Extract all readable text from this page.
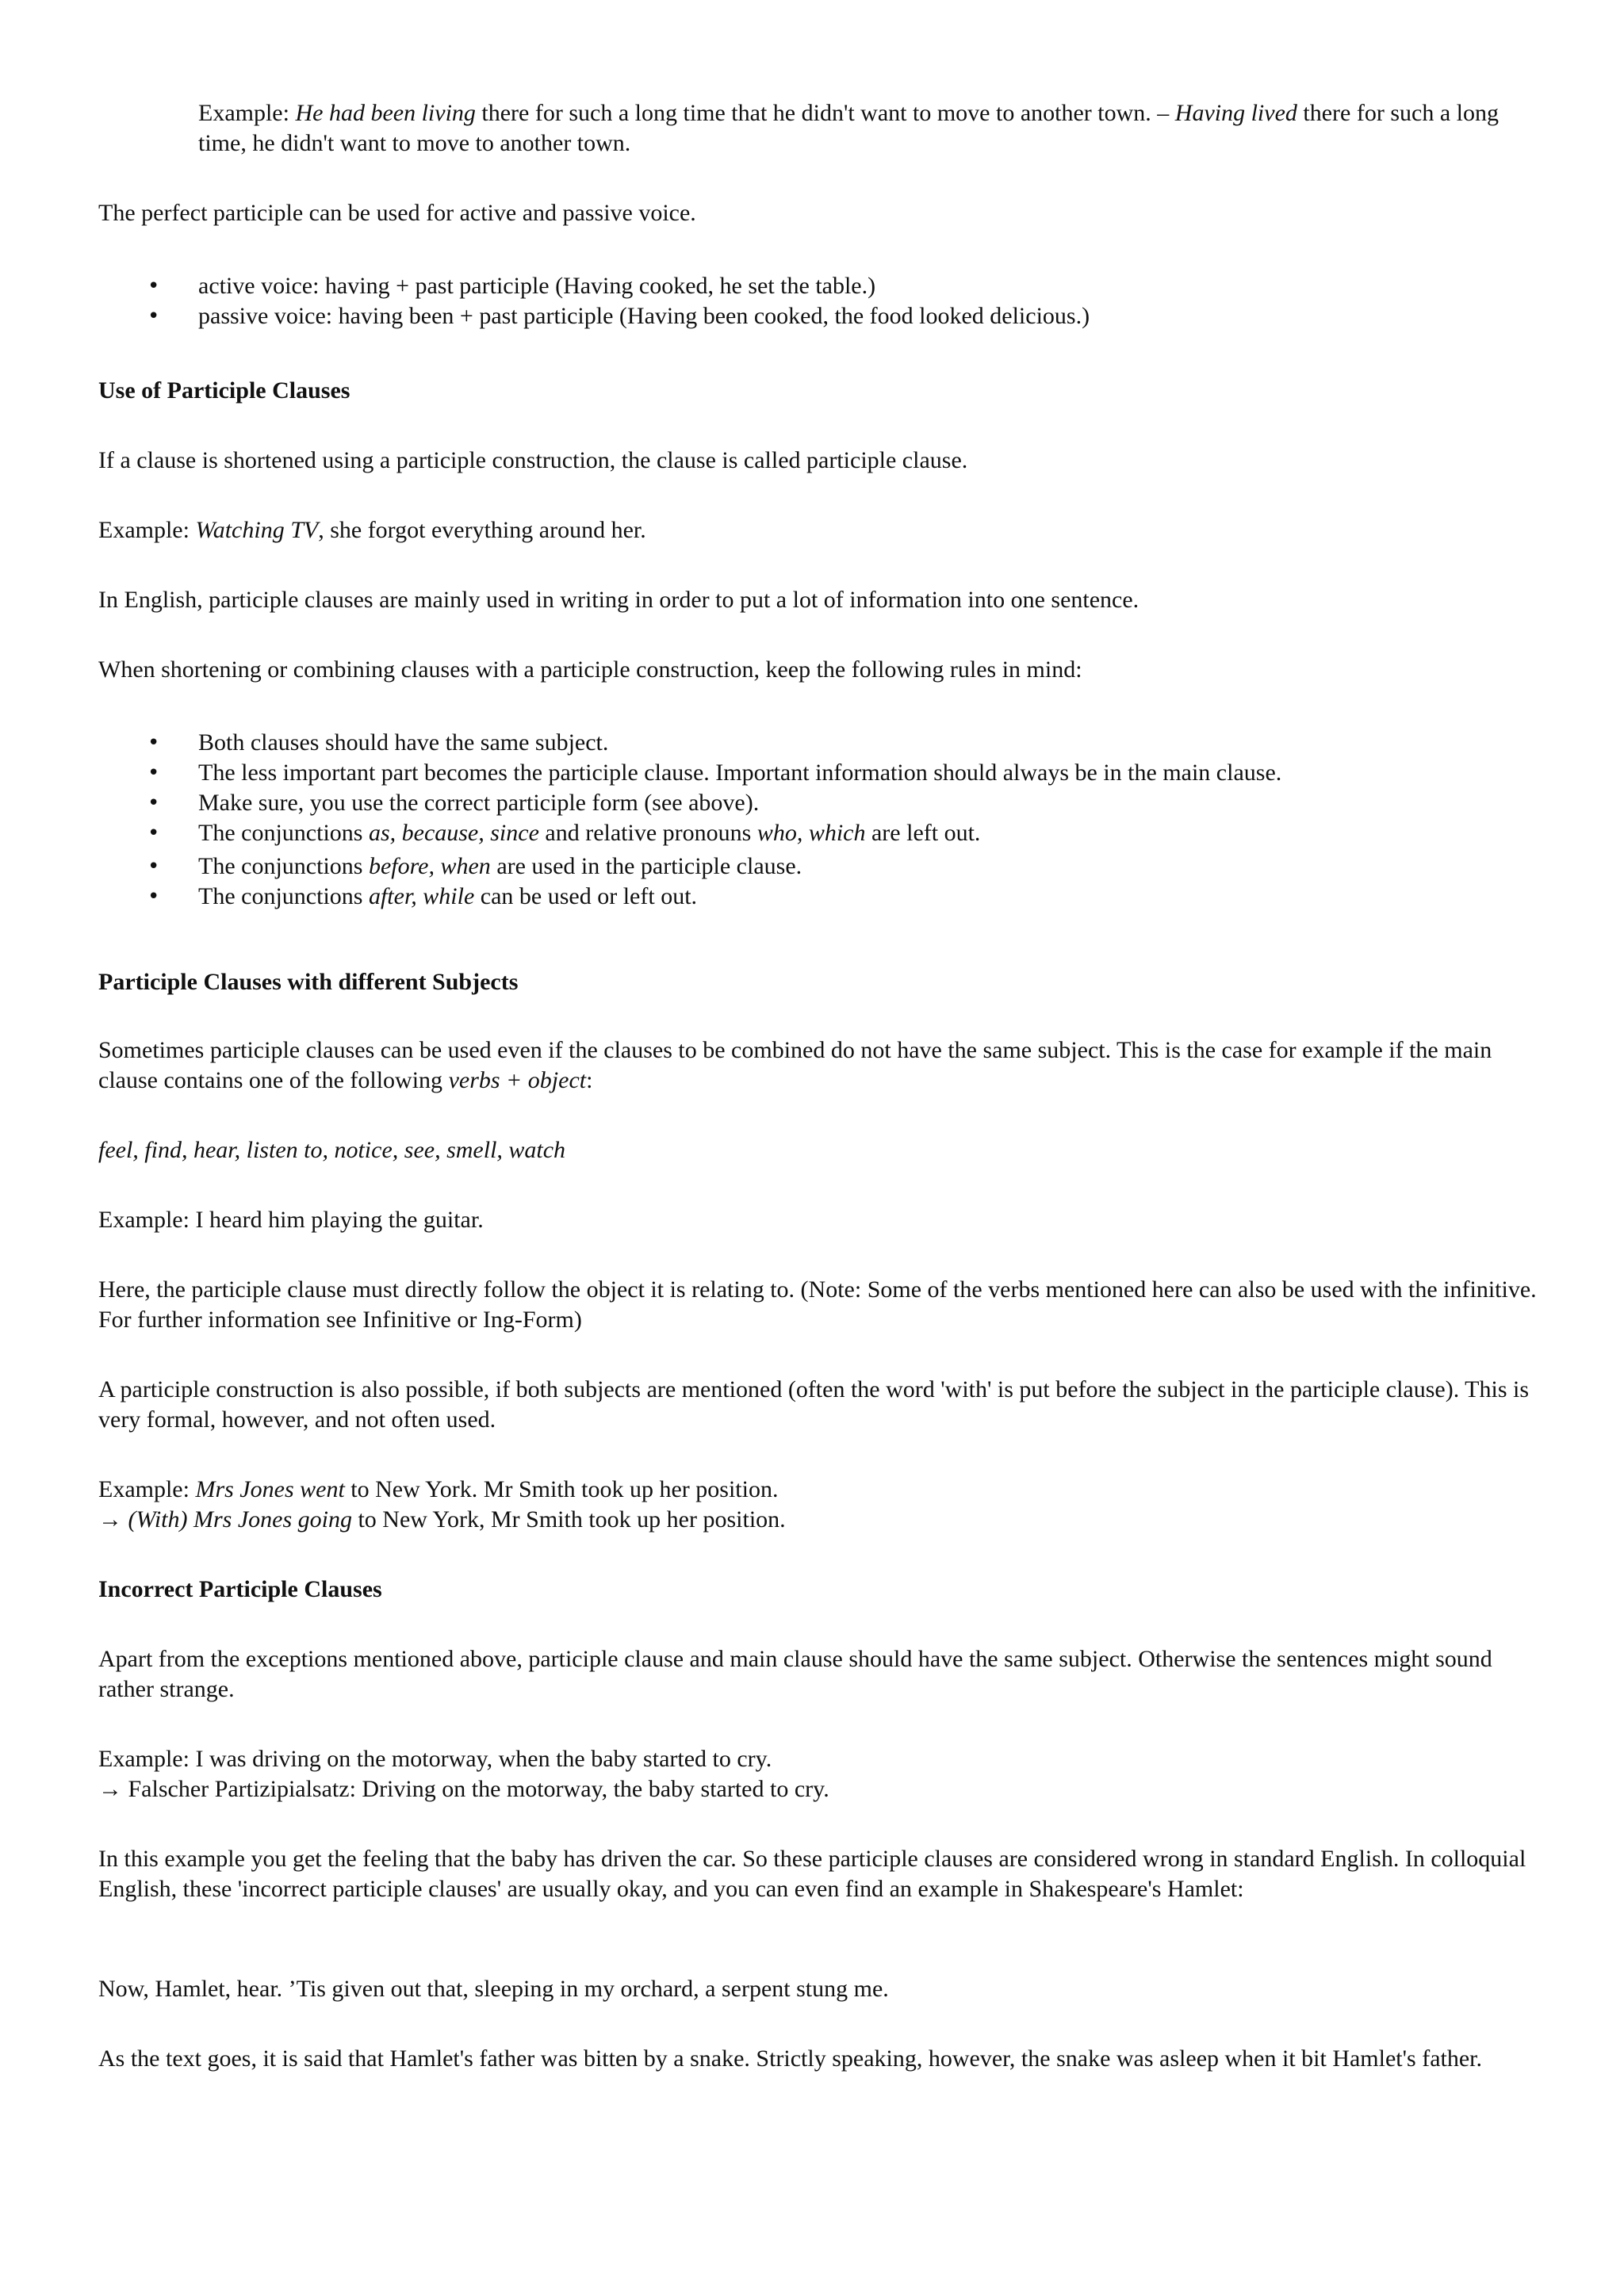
Example: He had been living there for such a long time that he didn't want to move to another town. – Having lived there for such a long time, he didn't want to move to another town.

The perfect participle can be used for active and passive voice.

• active voice: having + past participle (Having cooked, he set the table.)
• passive voice: having been + past participle (Having been cooked, the food looked delicious.)

Use of Participle Clauses

If a clause is shortened using a participle construction, the clause is called participle clause.

Example: Watching TV, she forgot everything around her.

In English, participle clauses are mainly used in writing in order to put a lot of information into one sentence.

When shortening or combining clauses with a participle construction, keep the following rules in mind:

• Both clauses should have the same subject.
• The less important part becomes the participle clause. Important information should always be in the main clause.
• Make sure, you use the correct participle form (see above).
• The conjunctions as, because, since and relative pronouns who, which are left out.
• The conjunctions before, when are used in the participle clause.
• The conjunctions after, while can be used or left out.

Participle Clauses with different Subjects

Sometimes participle clauses can be used even if the clauses to be combined do not have the same subject. This is the case for example if the main clause contains one of the following verbs + object:

feel, find, hear, listen to, notice, see, smell, watch

Example: I heard him playing the guitar.

Here, the participle clause must directly follow the object it is relating to. (Note: Some of the verbs mentioned here can also be used with the infinitive. For further information see Infinitive or Ing-Form)

A participle construction is also possible, if both subjects are mentioned (often the word 'with' is put before the subject in the participle clause). This is very formal, however, and not often used.

Example: Mrs Jones went to New York. Mr Smith took up her position.
→ (With) Mrs Jones going to New York, Mr Smith took up her position.

Incorrect Participle Clauses

Apart from the exceptions mentioned above, participle clause and main clause should have the same subject. Otherwise the sentences might sound rather strange.

Example: I was driving on the motorway, when the baby started to cry.
→ Falscher Partizipialsatz: Driving on the motorway, the baby started to cry.

In this example you get the feeling that the baby has driven the car. So these participle clauses are considered wrong in standard English. In colloquial English, these 'incorrect participle clauses' are usually okay, and you can even find an example in Shakespeare's Hamlet:

Now, Hamlet, hear. ’Tis given out that, sleeping in my orchard, a serpent stung me.

As the text goes, it is said that Hamlet's father was bitten by a snake. Strictly speaking, however, the snake was asleep when it bit Hamlet's father.
